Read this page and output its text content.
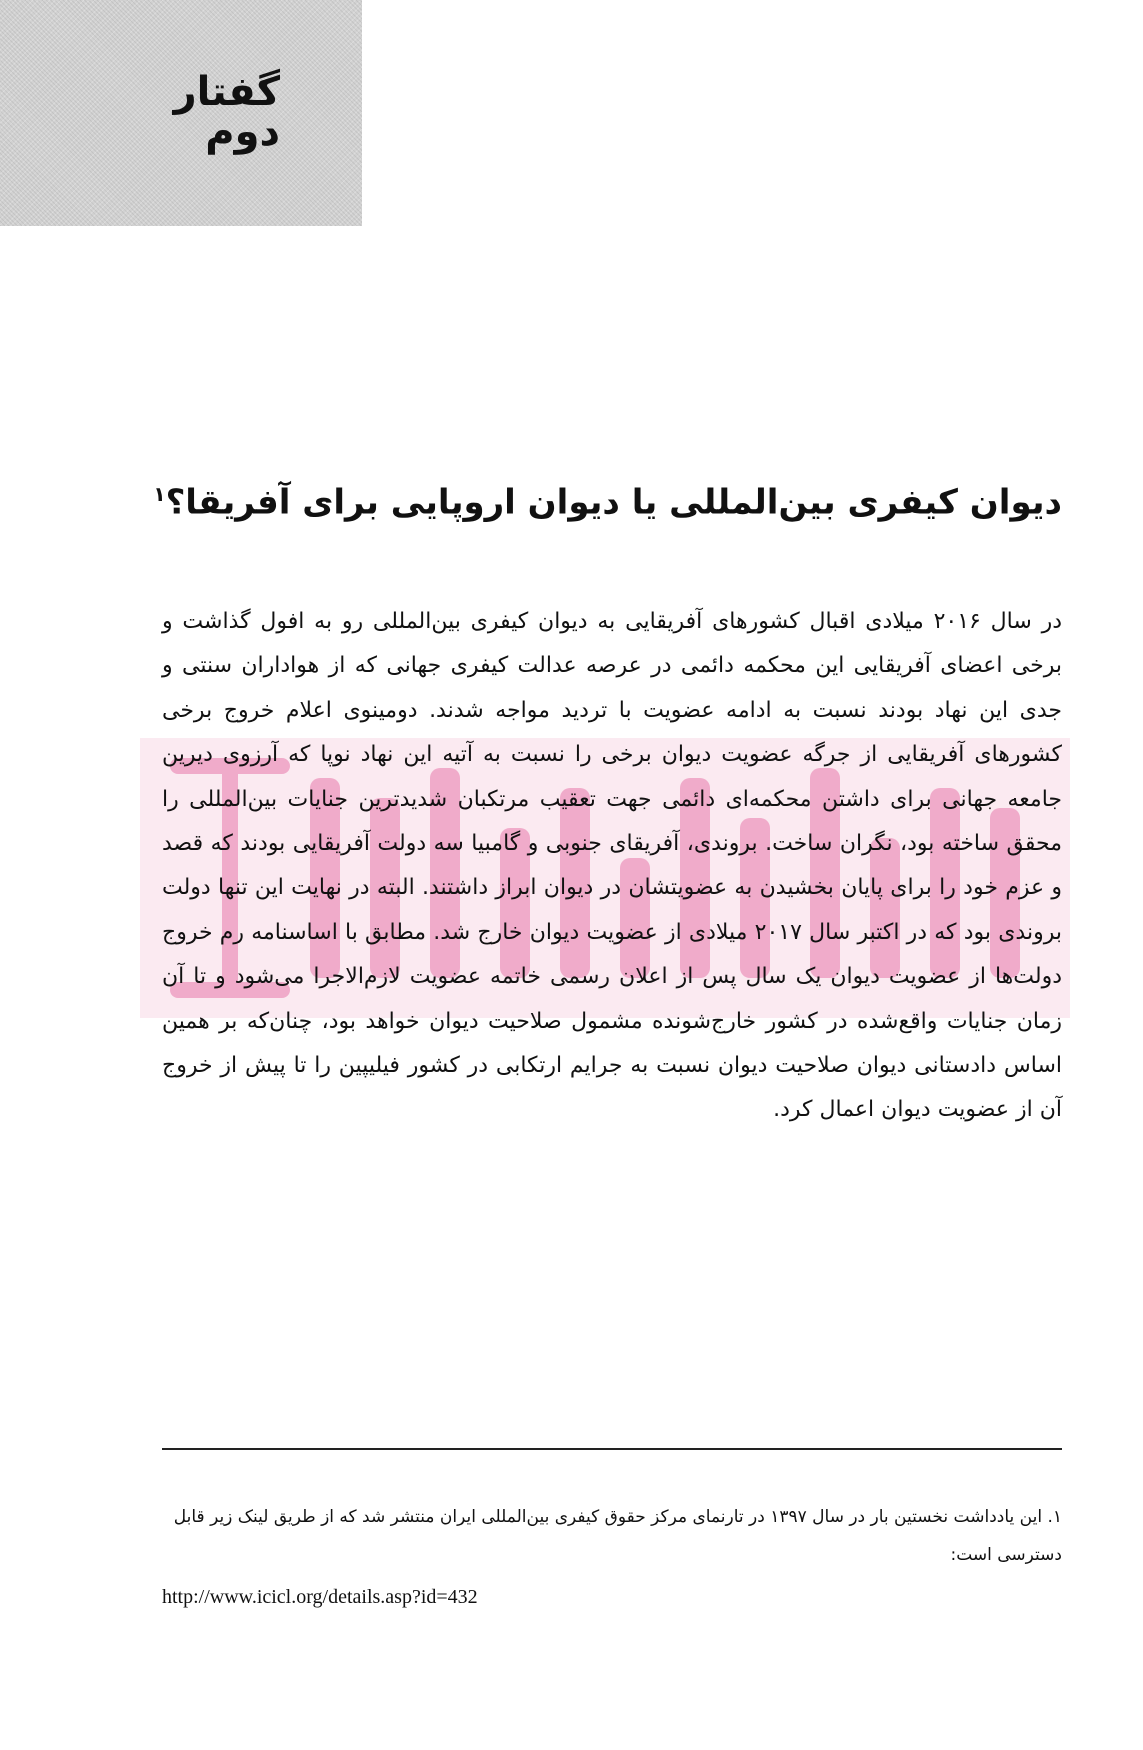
گفتار دوم
دیوان کیفری بین‌المللی یا دیوان اروپایی برای آفریقا؟$^۱$

در سال ۲۰۱۶ میلادی اقبال کشورهای آفریقایی به دیوان کیفری بین‌المللی رو به افول گذاشت و برخی اعضای آفریقایی این محکمه دائمی در عرصه عدالت کیفری جهانی که از هواداران سنتی و جدی این نهاد بودند نسبت به ادامه عضویت با تردید مواجه شدند. دومینوی اعلام خروج برخی کشورهای آفریقایی از جرگه عضویت دیوان برخی را نسبت به آتیه این نهاد نوپا که آرزوی دیرین جامعه جهانی برای داشتن محکمه‌ای دائمی جهت تعقیب مرتکبان شدیدترین جنایات بین‌المللی را محقق ساخته بود، نگران ساخت. بروندی، آفریقای جنوبی و گامبیا سه دولت آفریقایی بودند که قصد و عزم خود را برای پایان بخشیدن به عضویتشان در دیوان ابراز داشتند. البته در نهایت این تنها دولت بروندی بود که در اکتبر سال ۲۰۱۷ میلادی از عضویت دیوان خارج شد. مطابق با اساسنامه رم خروج دولت‌ها از عضویت دیوان یک سال پس از اعلان رسمی خاتمه عضویت لازم‌الاجرا می‌شود و تا آن زمان جنایات واقع‌شده در کشور خارج‌شونده مشمول صلاحیت دیوان خواهد بود، چنان‌که بر همین اساس دادستانی دیوان صلاحیت دیوان نسبت به جرایم ارتکابی در کشور فیلیپین را تا پیش از خروج آن از عضویت دیوان اعمال کرد.

۱. این یادداشت نخستین بار در سال ۱۳۹۷ در تارنمای مرکز حقوق کیفری بین‌المللی ایران منتشر شد که از طریق لینک زیر قابل دسترسی است:
http://www.icicl.org/details.asp?id=432
